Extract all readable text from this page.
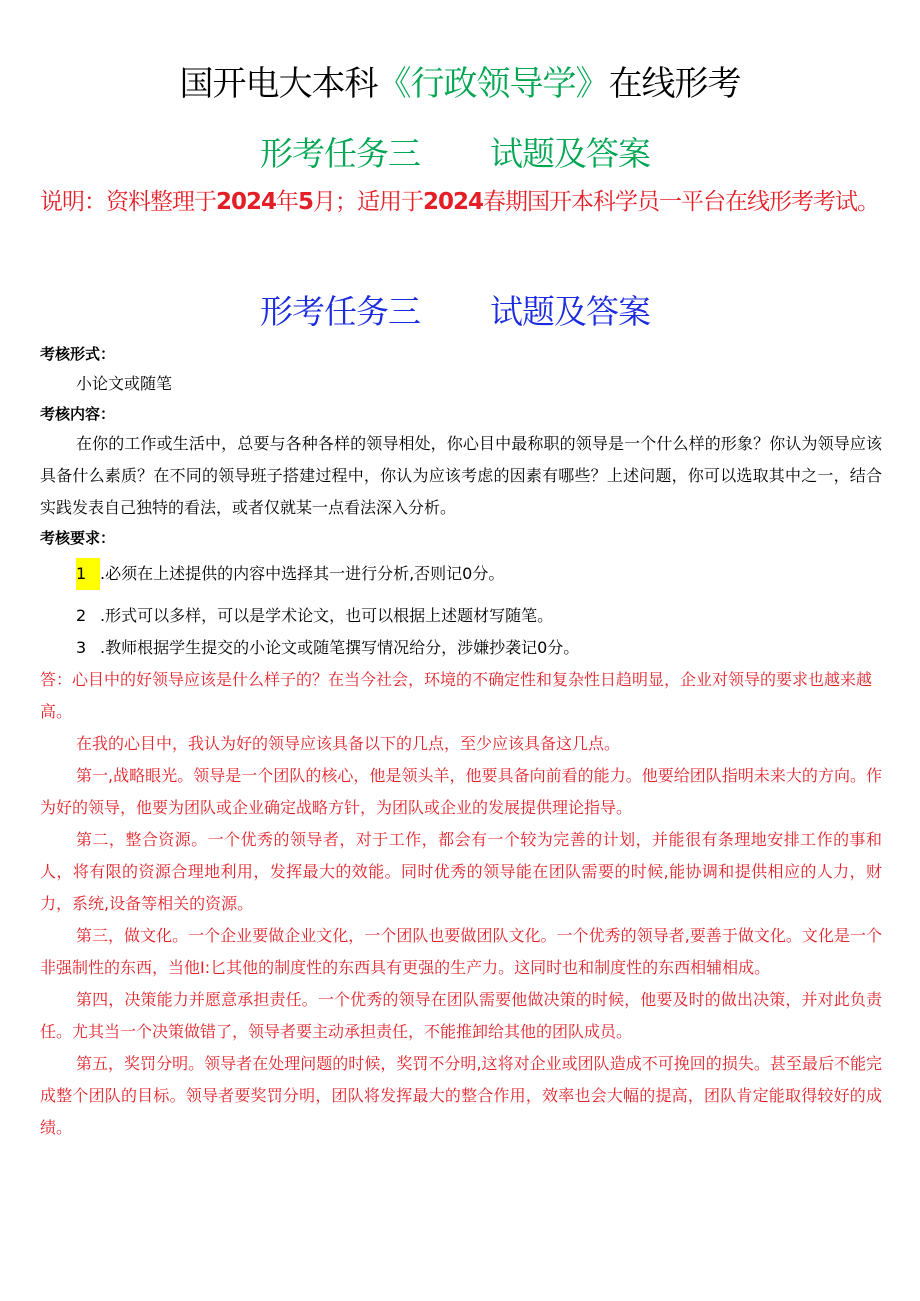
国开电大本科《行政领导学》在线形考
形考任务三 试题及答案
说明：资料整理于2024年5月；适用于2024春期国开本科学员一平台在线形考考试。
形考任务三 试题及答案
考核形式：
小论文或随笔
考核内容：
在你的工作或生活中，总要与各种各样的领导相处，你心目中最称职的领导是一个什么样的形象？你认为领导应该具备什么素质？在不同的领导班子搭建过程中，你认为应该考虑的因素有哪些？上述问题，你可以选取其中之一，结合实践发表自己独特的看法，或者仅就某一点看法深入分析。
考核要求：
1 .必须在上述提供的内容中选择其一进行分析,否则记0分。
2 .形式可以多样，可以是学术论文，也可以根据上述题材写随笔。
3 .教师根据学生提交的小论文或随笔撰写情况给分，涉嫌抄袭记0分。
答：心目中的好领导应该是什么样子的？在当今社会，环境的不确定性和复杂性日趋明显，企业对领导的要求也越来越高。
在我的心目中，我认为好的领导应该具备以下的几点，至少应该具备这几点。
第一,战略眼光。领导是一个团队的核心，他是领头羊，他要具备向前看的能力。他要给团队指明未来大的方向。作为好的领导，他要为团队或企业确定战略方针，为团队或企业的发展提供理论指导。
第二，整合资源。一个优秀的领导者，对于工作，都会有一个较为完善的计划，并能很有条理地安排工作的事和人，将有限的资源合理地利用，发挥最大的效能。同时优秀的领导能在团队需要的时候,能协调和提供相应的人力，财力，系统,设备等相关的资源。
第三，做文化。一个企业要做企业文化，一个团队也要做团队文化。一个优秀的领导者,要善于做文化。文化是一个非强制性的东西，当他I:匕其他的制度性的东西具有更强的生产力。这同时也和制度性的东西相辅相成。
第四，决策能力并愿意承担责任。一个优秀的领导在团队需要他做决策的时候，他要及时的做出决策，并对此负责任。尤其当一个决策做错了，领导者要主动承担责任，不能推卸给其他的团队成员。
第五，奖罚分明。领导者在处理问题的时候，奖罚不分明,这将对企业或团队造成不可挽回的损失。甚至最后不能完成整个团队的目标。领导者要奖罚分明，团队将发挥最大的整合作用，效率也会大幅的提高，团队肯定能取得较好的成绩。
